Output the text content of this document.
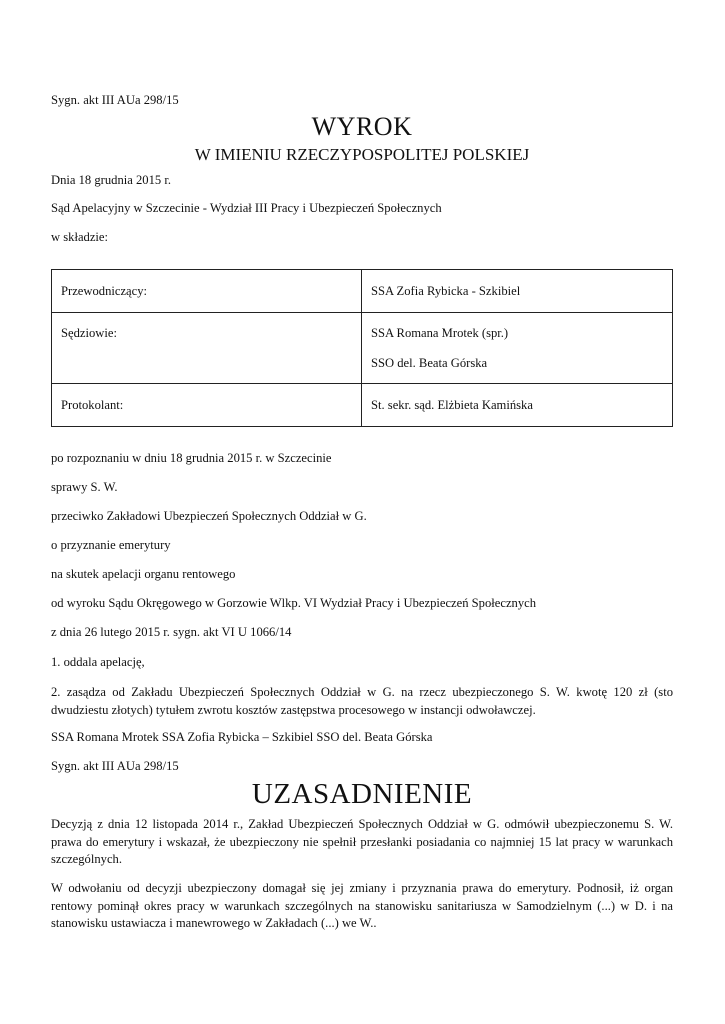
Sygn. akt III AUa 298/15
WYROK
W IMIENIU RZECZYPOSPOLITEJ POLSKIEJ
Dnia 18 grudnia 2015 r.
Sąd Apelacyjny w Szczecinie - Wydział III Pracy i Ubezpieczeń Społecznych
w składzie:
Przewodniczący:	SSA Zofia Rybicka - Szkibiel

Sędziowie:	SSA Romana Mrotek (spr.)
SSO del. Beata Górska

Protokolant:	St. sekr. sąd. Elżbieta Kamińska
po rozpoznaniu w dniu 18 grudnia 2015 r. w Szczecinie
sprawy S. W.
przeciwko Zakładowi Ubezpieczeń Społecznych Oddział w G.
o przyznanie emerytury
na skutek apelacji organu rentowego
od wyroku Sądu Okręgowego w Gorzowie Wlkp. VI Wydział Pracy i Ubezpieczeń Społecznych
z dnia 26 lutego 2015 r. sygn. akt VI U 1066/14
1. oddala apelację,
2. zasądza od Zakładu Ubezpieczeń Społecznych Oddział w G. na rzecz ubezpieczonego S. W. kwotę 120 zł (sto dwudziestu złotych) tytułem zwrotu kosztów zastępstwa procesowego w instancji odwoławczej.
SSA Romana Mrotek SSA Zofia Rybicka – Szkibiel SSO del. Beata Górska
Sygn. akt III AUa 298/15
UZASADNIENIE
Decyzją z dnia 12 listopada 2014 r., Zakład Ubezpieczeń Społecznych Oddział w G. odmówił ubezpieczonemu S. W. prawa do emerytury i wskazał, że ubezpieczony nie spełnił przesłanki posiadania co najmniej 15 lat pracy w warunkach szczególnych.
W odwołaniu od decyzji ubezpieczony domagał się jej zmiany i przyznania prawa do emerytury. Podnosił, iż organ rentowy pominął okres pracy w warunkach szczególnych na stanowisku sanitariusza w Samodzielnym (...) w D. i na stanowisku ustawiacza i manewrowego w Zakładach (...) we W..
